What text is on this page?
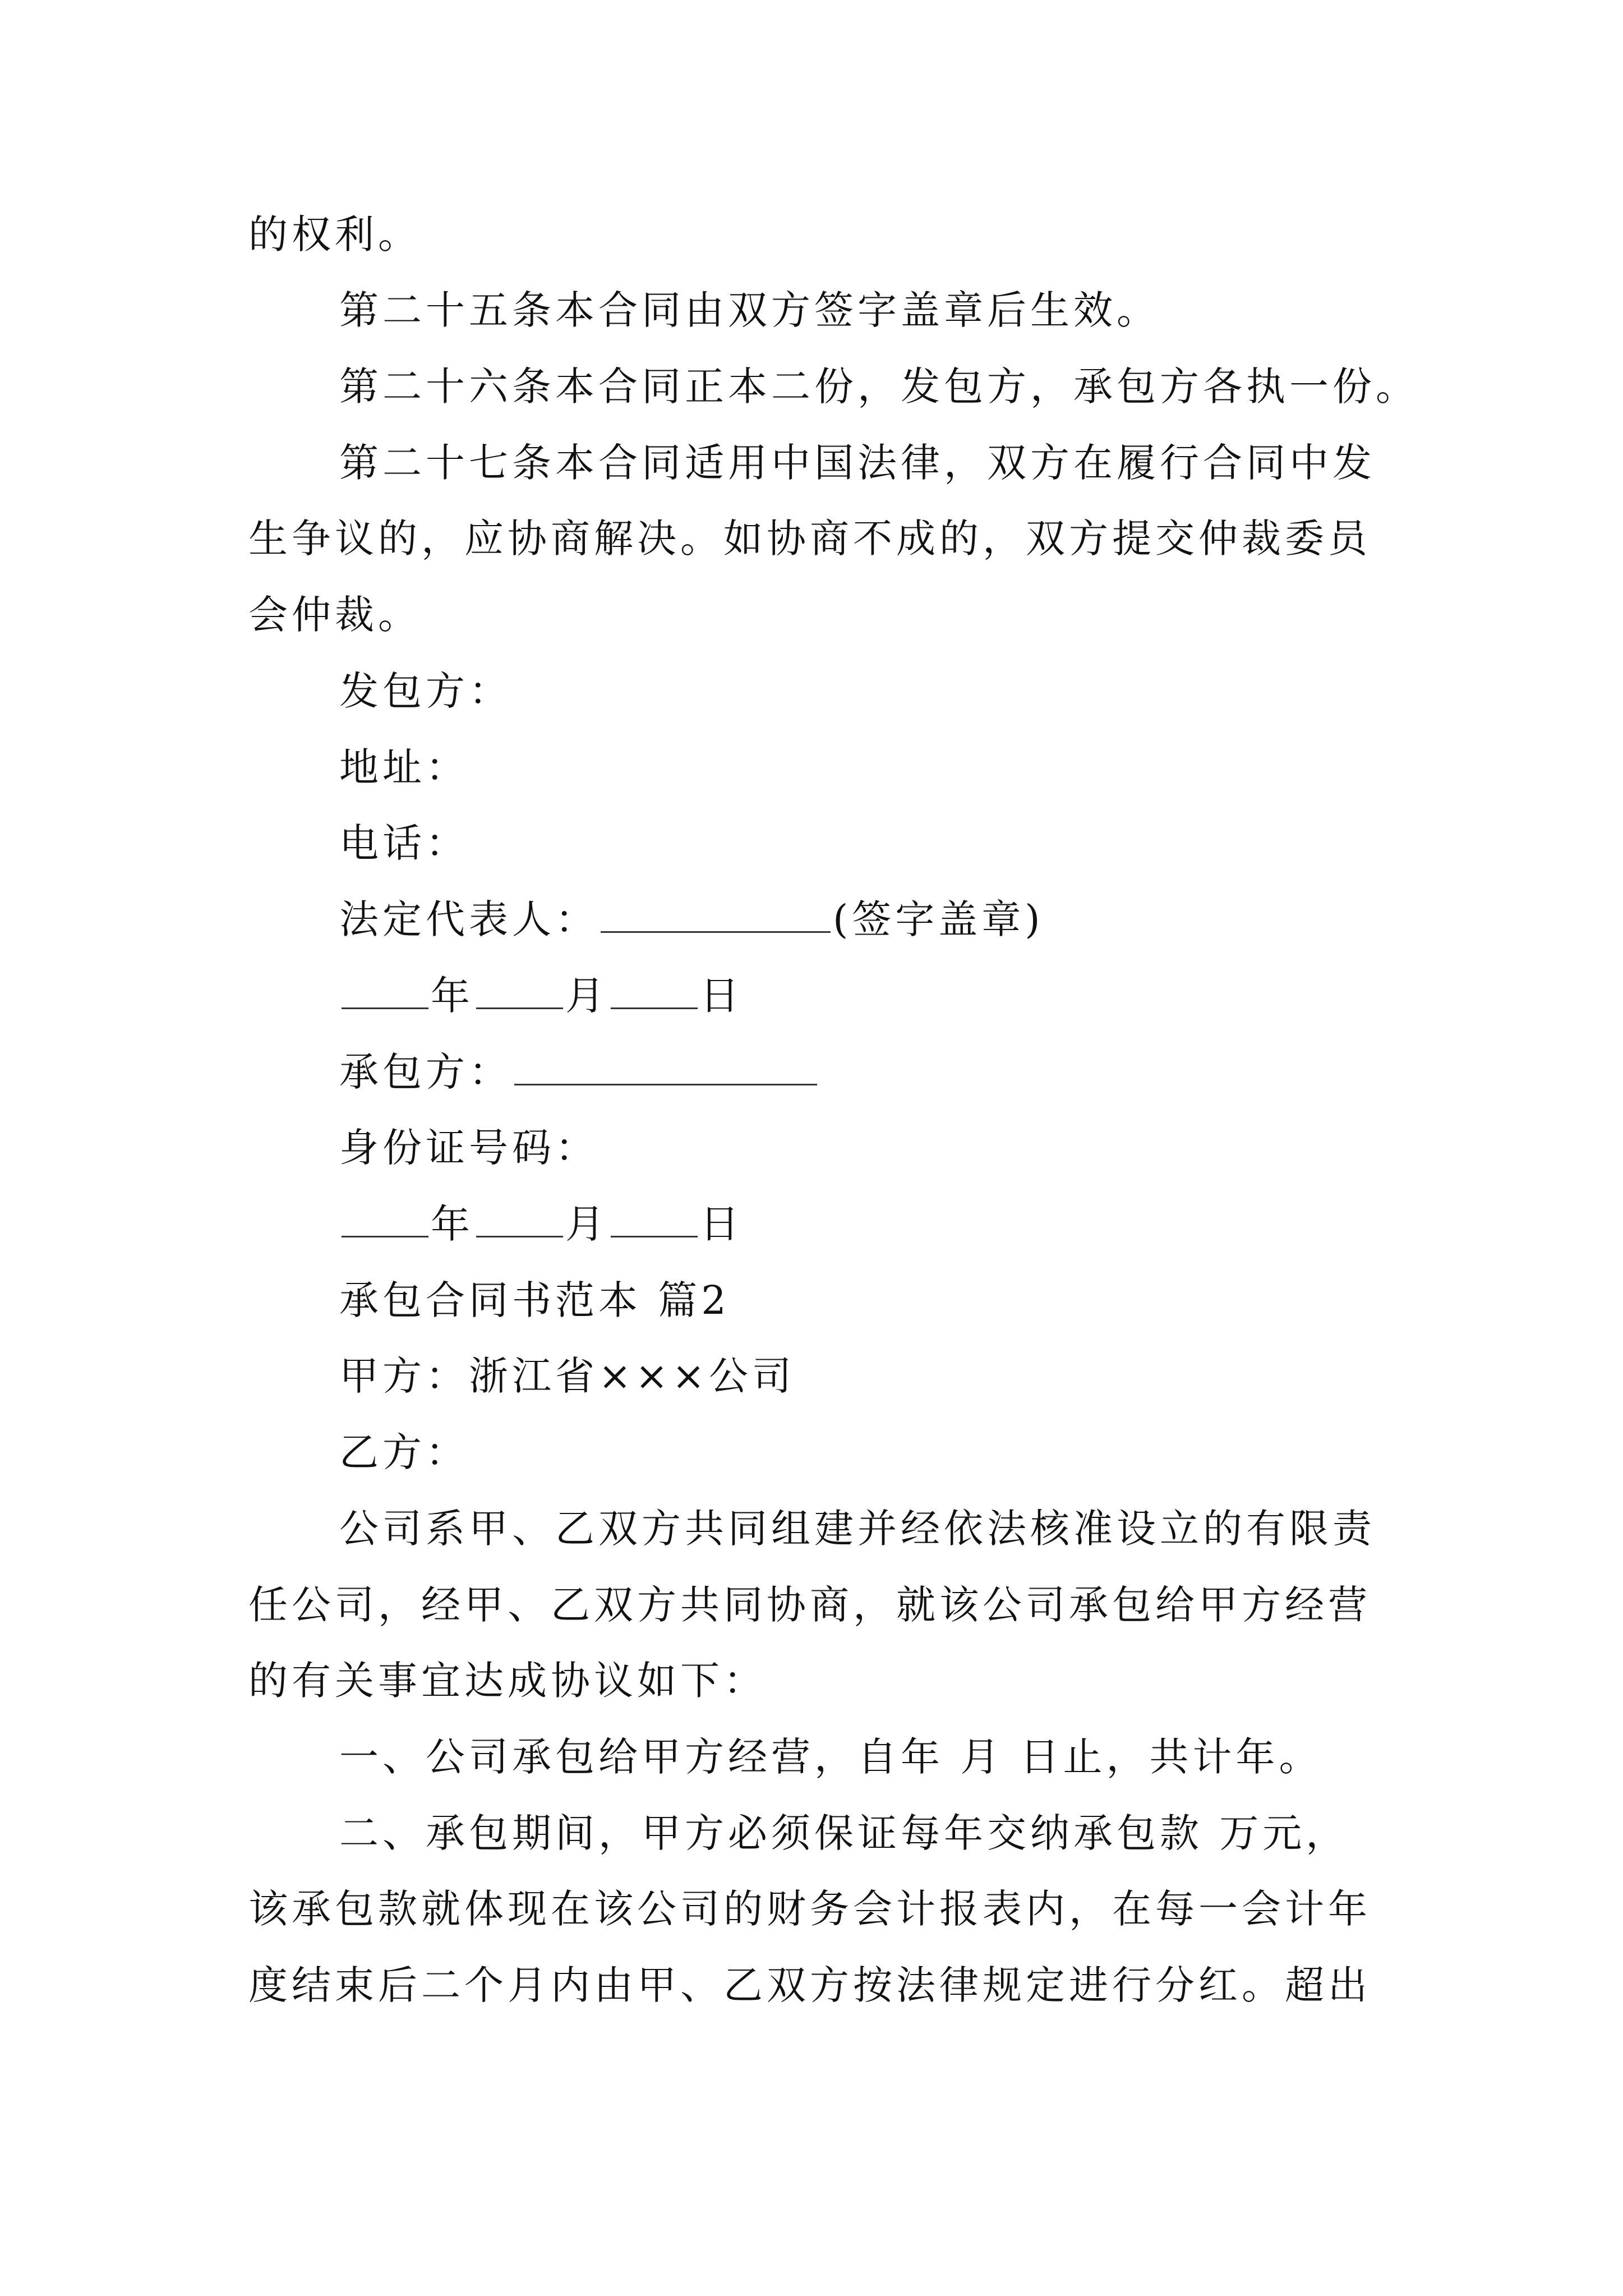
的权利。
第二十五条本合同由双方签字盖章后生效。
第二十六条本合同正本二份，发包方，承包方各执一份。
第二十七条本合同适用中国法律，双方在履行合同中发
生争议的，应协商解决。如协商不成的，双方提交仲裁委员
会仲裁。
发包方：
地址：
电话：
法定代表人：	(签字盖章)
年 月 日
承包方：
身份证号码：
年 月 日
承包合同书范本 篇2
甲方：浙江省×××公司
乙方：
公司系甲、乙双方共同组建并经依法核准设立的有限责
任公司，经甲、乙双方共同协商，就该公司承包给甲方经营
的有关事宜达成协议如下：
一、公司承包给甲方经营，自年 月 日止，共计年。
二、承包期间，甲方必须保证每年交纳承包款 万元，
该承包款就体现在该公司的财务会计报表内，在每一会计年
度结束后二个月内由甲、乙双方按法律规定进行分红。超出
